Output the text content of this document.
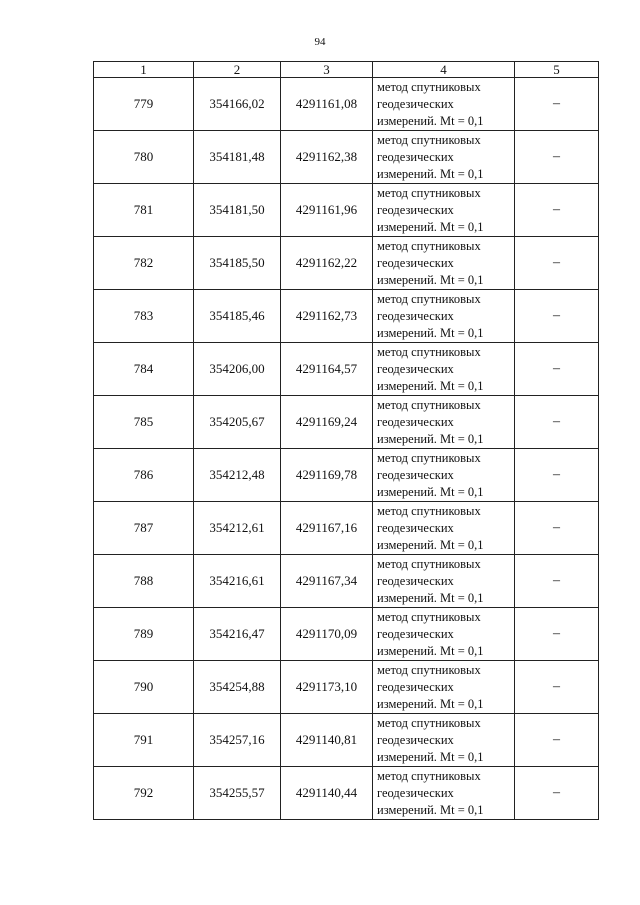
94
1	2	3	4	5
779	354166,02	4291161,08	метод спутниковых
геодезических
измерений. Mt = 0,1	–
780	354181,48	4291162,38	метод спутниковых
геодезических
измерений. Mt = 0,1	–
781	354181,50	4291161,96	метод спутниковых
геодезических
измерений. Mt = 0,1	–
782	354185,50	4291162,22	метод спутниковых
геодезических
измерений. Mt = 0,1	–
783	354185,46	4291162,73	метод спутниковых
геодезических
измерений. Mt = 0,1	–
784	354206,00	4291164,57	метод спутниковых
геодезических
измерений. Mt = 0,1	–
785	354205,67	4291169,24	метод спутниковых
геодезических
измерений. Mt = 0,1	–
786	354212,48	4291169,78	метод спутниковых
геодезических
измерений. Mt = 0,1	–
787	354212,61	4291167,16	метод спутниковых
геодезических
измерений. Mt = 0,1	–
788	354216,61	4291167,34	метод спутниковых
геодезических
измерений. Mt = 0,1	–
789	354216,47	4291170,09	метод спутниковых
геодезических
измерений. Mt = 0,1	–
790	354254,88	4291173,10	метод спутниковых
геодезических
измерений. Mt = 0,1	–
791	354257,16	4291140,81	метод спутниковых
геодезических
измерений. Mt = 0,1	–
792	354255,57	4291140,44	метод спутниковых
геодезических
измерений. Mt = 0,1	–
